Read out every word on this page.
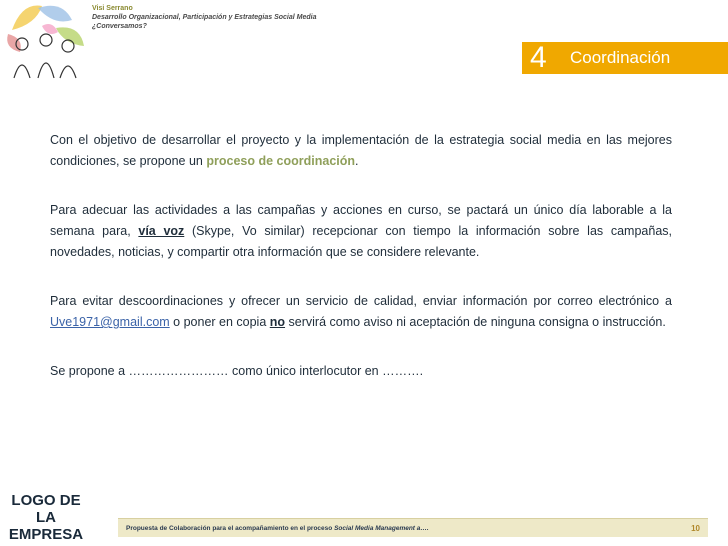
Visi Serrano
Desarrollo Organizacional, Participación y Estrategias Social Media
¿Conversamos?
4	Coordinación

Con el objetivo de desarrollar el proyecto y la implementación de la estrategia social media en las mejores condiciones, se propone un proceso de coordinación.

Para adecuar las actividades a las campañas y acciones en curso, se pactará un único día laborable a la semana para, vía voz (Skype, Vo similar) recepcionar con tiempo la información sobre las campañas, novedades, noticias, y compartir otra información que se considere relevante.

Para evitar descoordinaciones y ofrecer un servicio de calidad, enviar información por correo electrónico a Uve1971@gmail.com o poner en copia no servirá como aviso ni aceptación de ninguna consigna o instrucción.

Se propone a …………………… como único interlocutor en ……….

LOGO DE LA EMPRESA	Propuesta de Colaboración para el acompañamiento en el proceso Social Media Management a….	10
